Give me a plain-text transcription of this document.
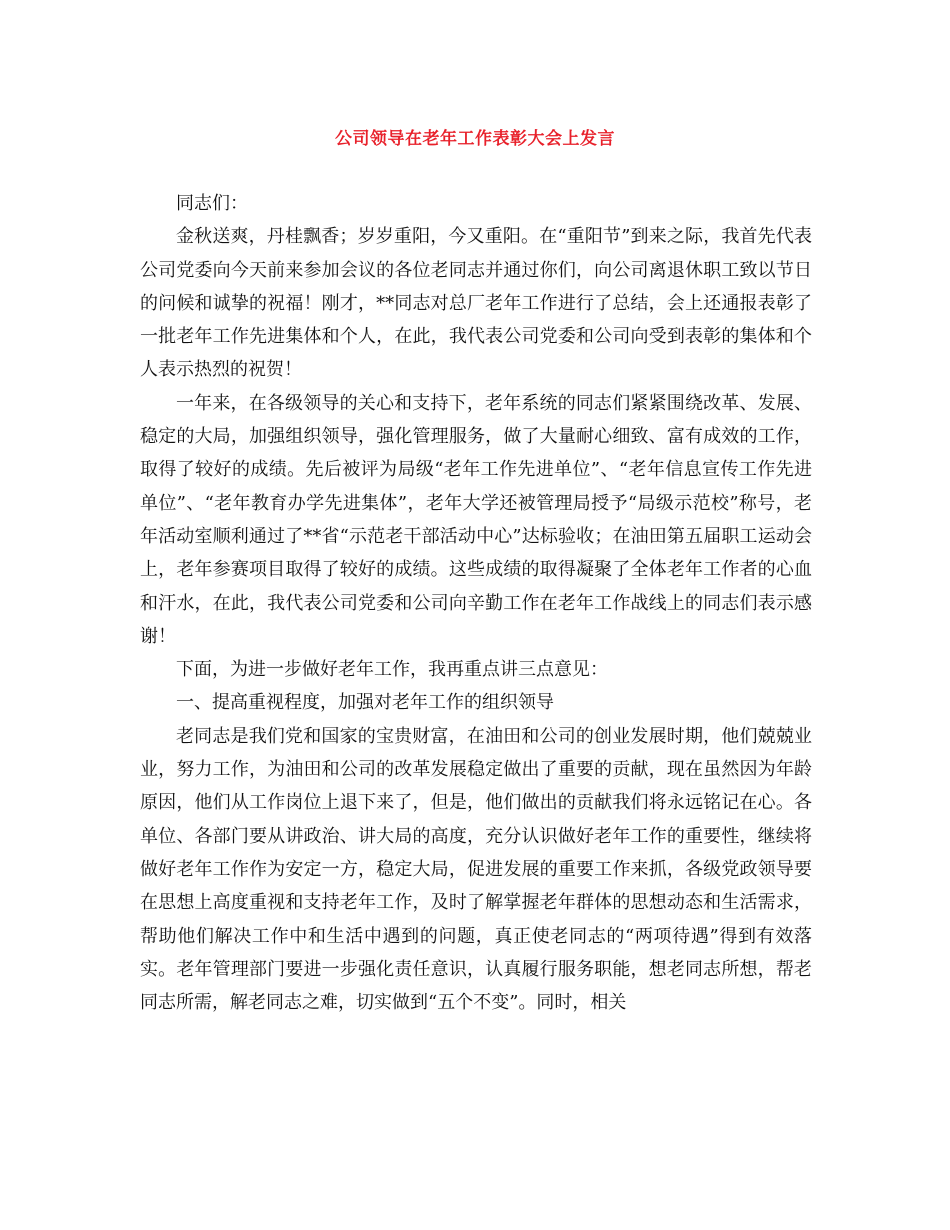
公司领导在老年工作表彰大会上发言

同志们：

金秋送爽，丹桂飘香；岁岁重阳，今又重阳。在“重阳节”到来之际，我首先代表公司党委向今天前来参加会议的各位老同志并通过你们，向公司离退休职工致以节日的问候和诚挚的祝福！刚才，**同志对总厂老年工作进行了总结，会上还通报表彰了一批老年工作先进集体和个人，在此，我代表公司党委和公司向受到表彰的集体和个人表示热烈的祝贺！

一年来，在各级领导的关心和支持下，老年系统的同志们紧紧围绕改革、发展、稳定的大局，加强组织领导，强化管理服务，做了大量耐心细致、富有成效的工作，取得了较好的成绩。先后被评为局级“老年工作先进单位”、“老年信息宣传工作先进单位”、“老年教育办学先进集体”，老年大学还被管理局授予“局级示范校”称号，老年活动室顺利通过了**省“示范老干部活动中心”达标验收；在油田第五届职工运动会上，老年参赛项目取得了较好的成绩。这些成绩的取得凝聚了全体老年工作者的心血和汗水，在此，我代表公司党委和公司向辛勤工作在老年工作战线上的同志们表示感谢！

下面，为进一步做好老年工作，我再重点讲三点意见：

一、提高重视程度，加强对老年工作的组织领导

老同志是我们党和国家的宝贵财富，在油田和公司的创业发展时期，他们兢兢业业，努力工作，为油田和公司的改革发展稳定做出了重要的贡献，现在虽然因为年龄原因，他们从工作岗位上退下来了，但是，他们做出的贡献我们将永远铭记在心。各单位、各部门要从讲政治、讲大局的高度，充分认识做好老年工作的重要性，继续将做好老年工作作为安定一方，稳定大局，促进发展的重要工作来抓，各级党政领导要在思想上高度重视和支持老年工作，及时了解掌握老年群体的思想动态和生活需求，帮助他们解决工作中和生活中遇到的问题，真正使老同志的“两项待遇”得到有效落实。老年管理部门要进一步强化责任意识，认真履行服务职能，想老同志所想，帮老同志所需，解老同志之难，切实做到“五个不变”。同时，相关
